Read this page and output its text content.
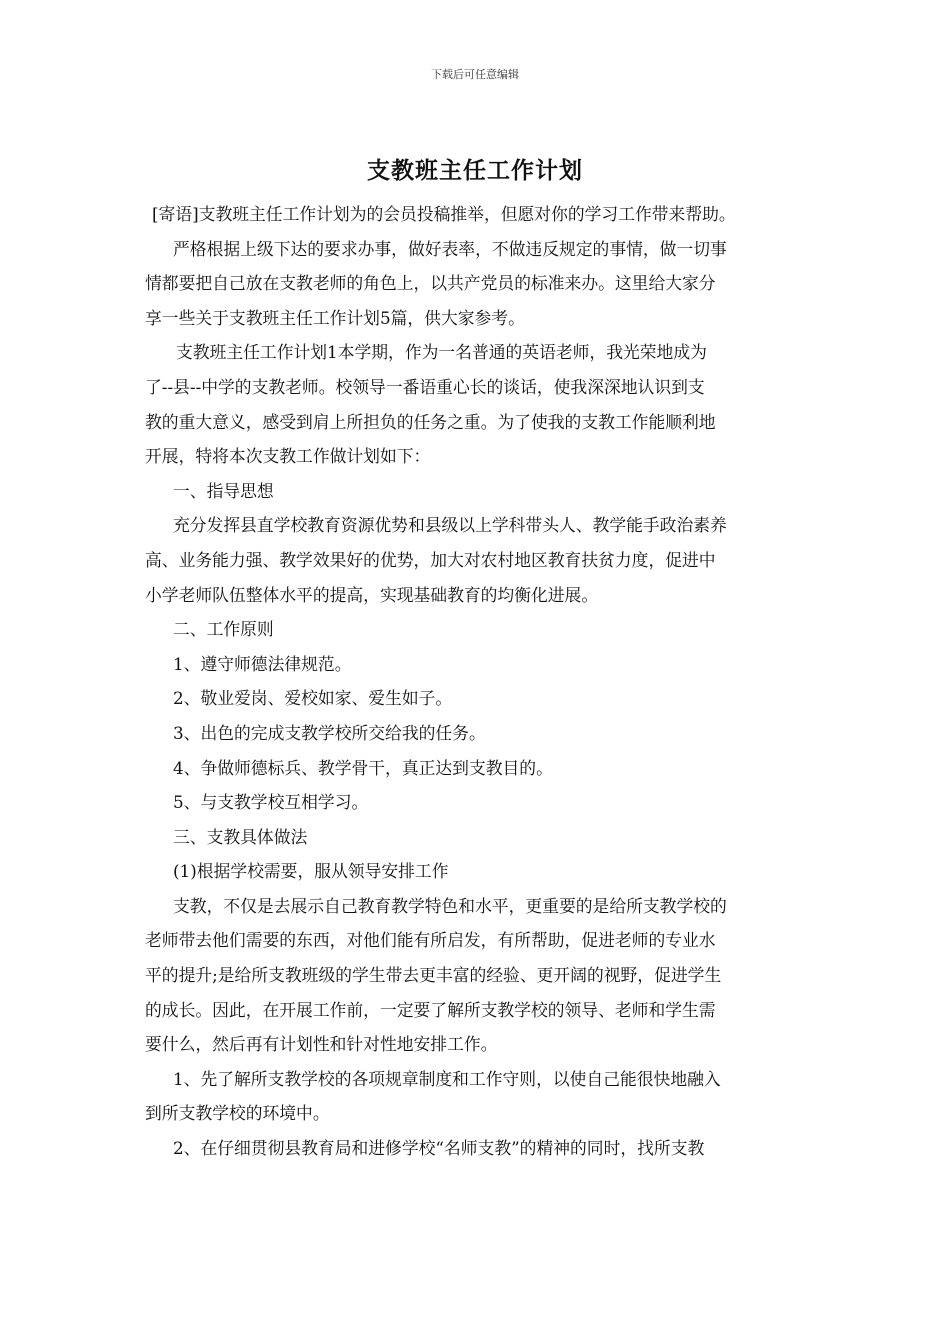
下载后可任意编辑
支教班主任工作计划
[寄语]支教班主任工作计划为的会员投稿推举，但愿对你的学习工作带来帮助。
严格根据上级下达的要求办事，做好表率，不做违反规定的事情，做一切事
情都要把自己放在支教老师的角色上，以共产党员的标准来办。这里给大家分
享一些关于支教班主任工作计划5篇，供大家参考。
支教班主任工作计划1本学期，作为一名普通的英语老师，我光荣地成为
了--县--中学的支教老师。校领导一番语重心长的谈话，使我深深地认识到支
教的重大意义，感受到肩上所担负的任务之重。为了使我的支教工作能顺利地
开展，特将本次支教工作做计划如下：
一、指导思想
充分发挥县直学校教育资源优势和县级以上学科带头人、教学能手政治素养
高、业务能力强、教学效果好的优势，加大对农村地区教育扶贫力度，促进中
小学老师队伍整体水平的提高，实现基础教育的均衡化进展。
二、工作原则
1、遵守师德法律规范。
2、敬业爱岗、爱校如家、爱生如子。
3、出色的完成支教学校所交给我的任务。
4、争做师德标兵、教学骨干，真正达到支教目的。
5、与支教学校互相学习。
三、支教具体做法
(1)根据学校需要，服从领导安排工作
支教，不仅是去展示自己教育教学特色和水平，更重要的是给所支教学校的
老师带去他们需要的东西，对他们能有所启发，有所帮助，促进老师的专业水
平的提升;是给所支教班级的学生带去更丰富的经验、更开阔的视野，促进学生
的成长。因此，在开展工作前，一定要了解所支教学校的领导、老师和学生需
要什么，然后再有计划性和针对性地安排工作。
1、先了解所支教学校的各项规章制度和工作守则，以使自己能很快地融入
到所支教学校的环境中。
2、在仔细贯彻县教育局和进修学校“名师支教”的精神的同时，找所支教
